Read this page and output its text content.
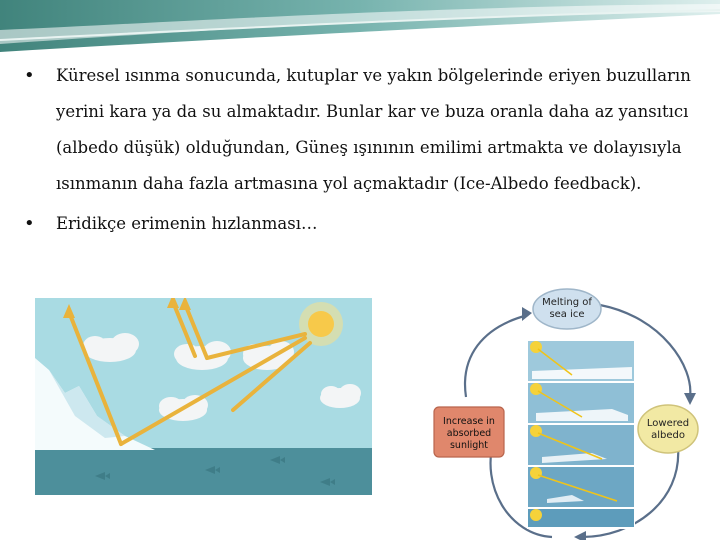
• Küresel ısınma sonucunda, kutuplar ve yakın bölgelerinde eriyen buzulların yerini kara ya da su almaktadır. Bunlar kar ve buza oranla daha az yansıtıcı (albedo düşük) olduğundan, Güneş ışınının emilimi artmakta ve dolayısıyla ısınmanın daha fazla artmasına yol açmaktadır (Ice-Albedo feedback).
• Eridikçe erimenin hızlanması…
Melting of
sea ice
Lowered
albedo
Increase in
absorbed
sunlight
